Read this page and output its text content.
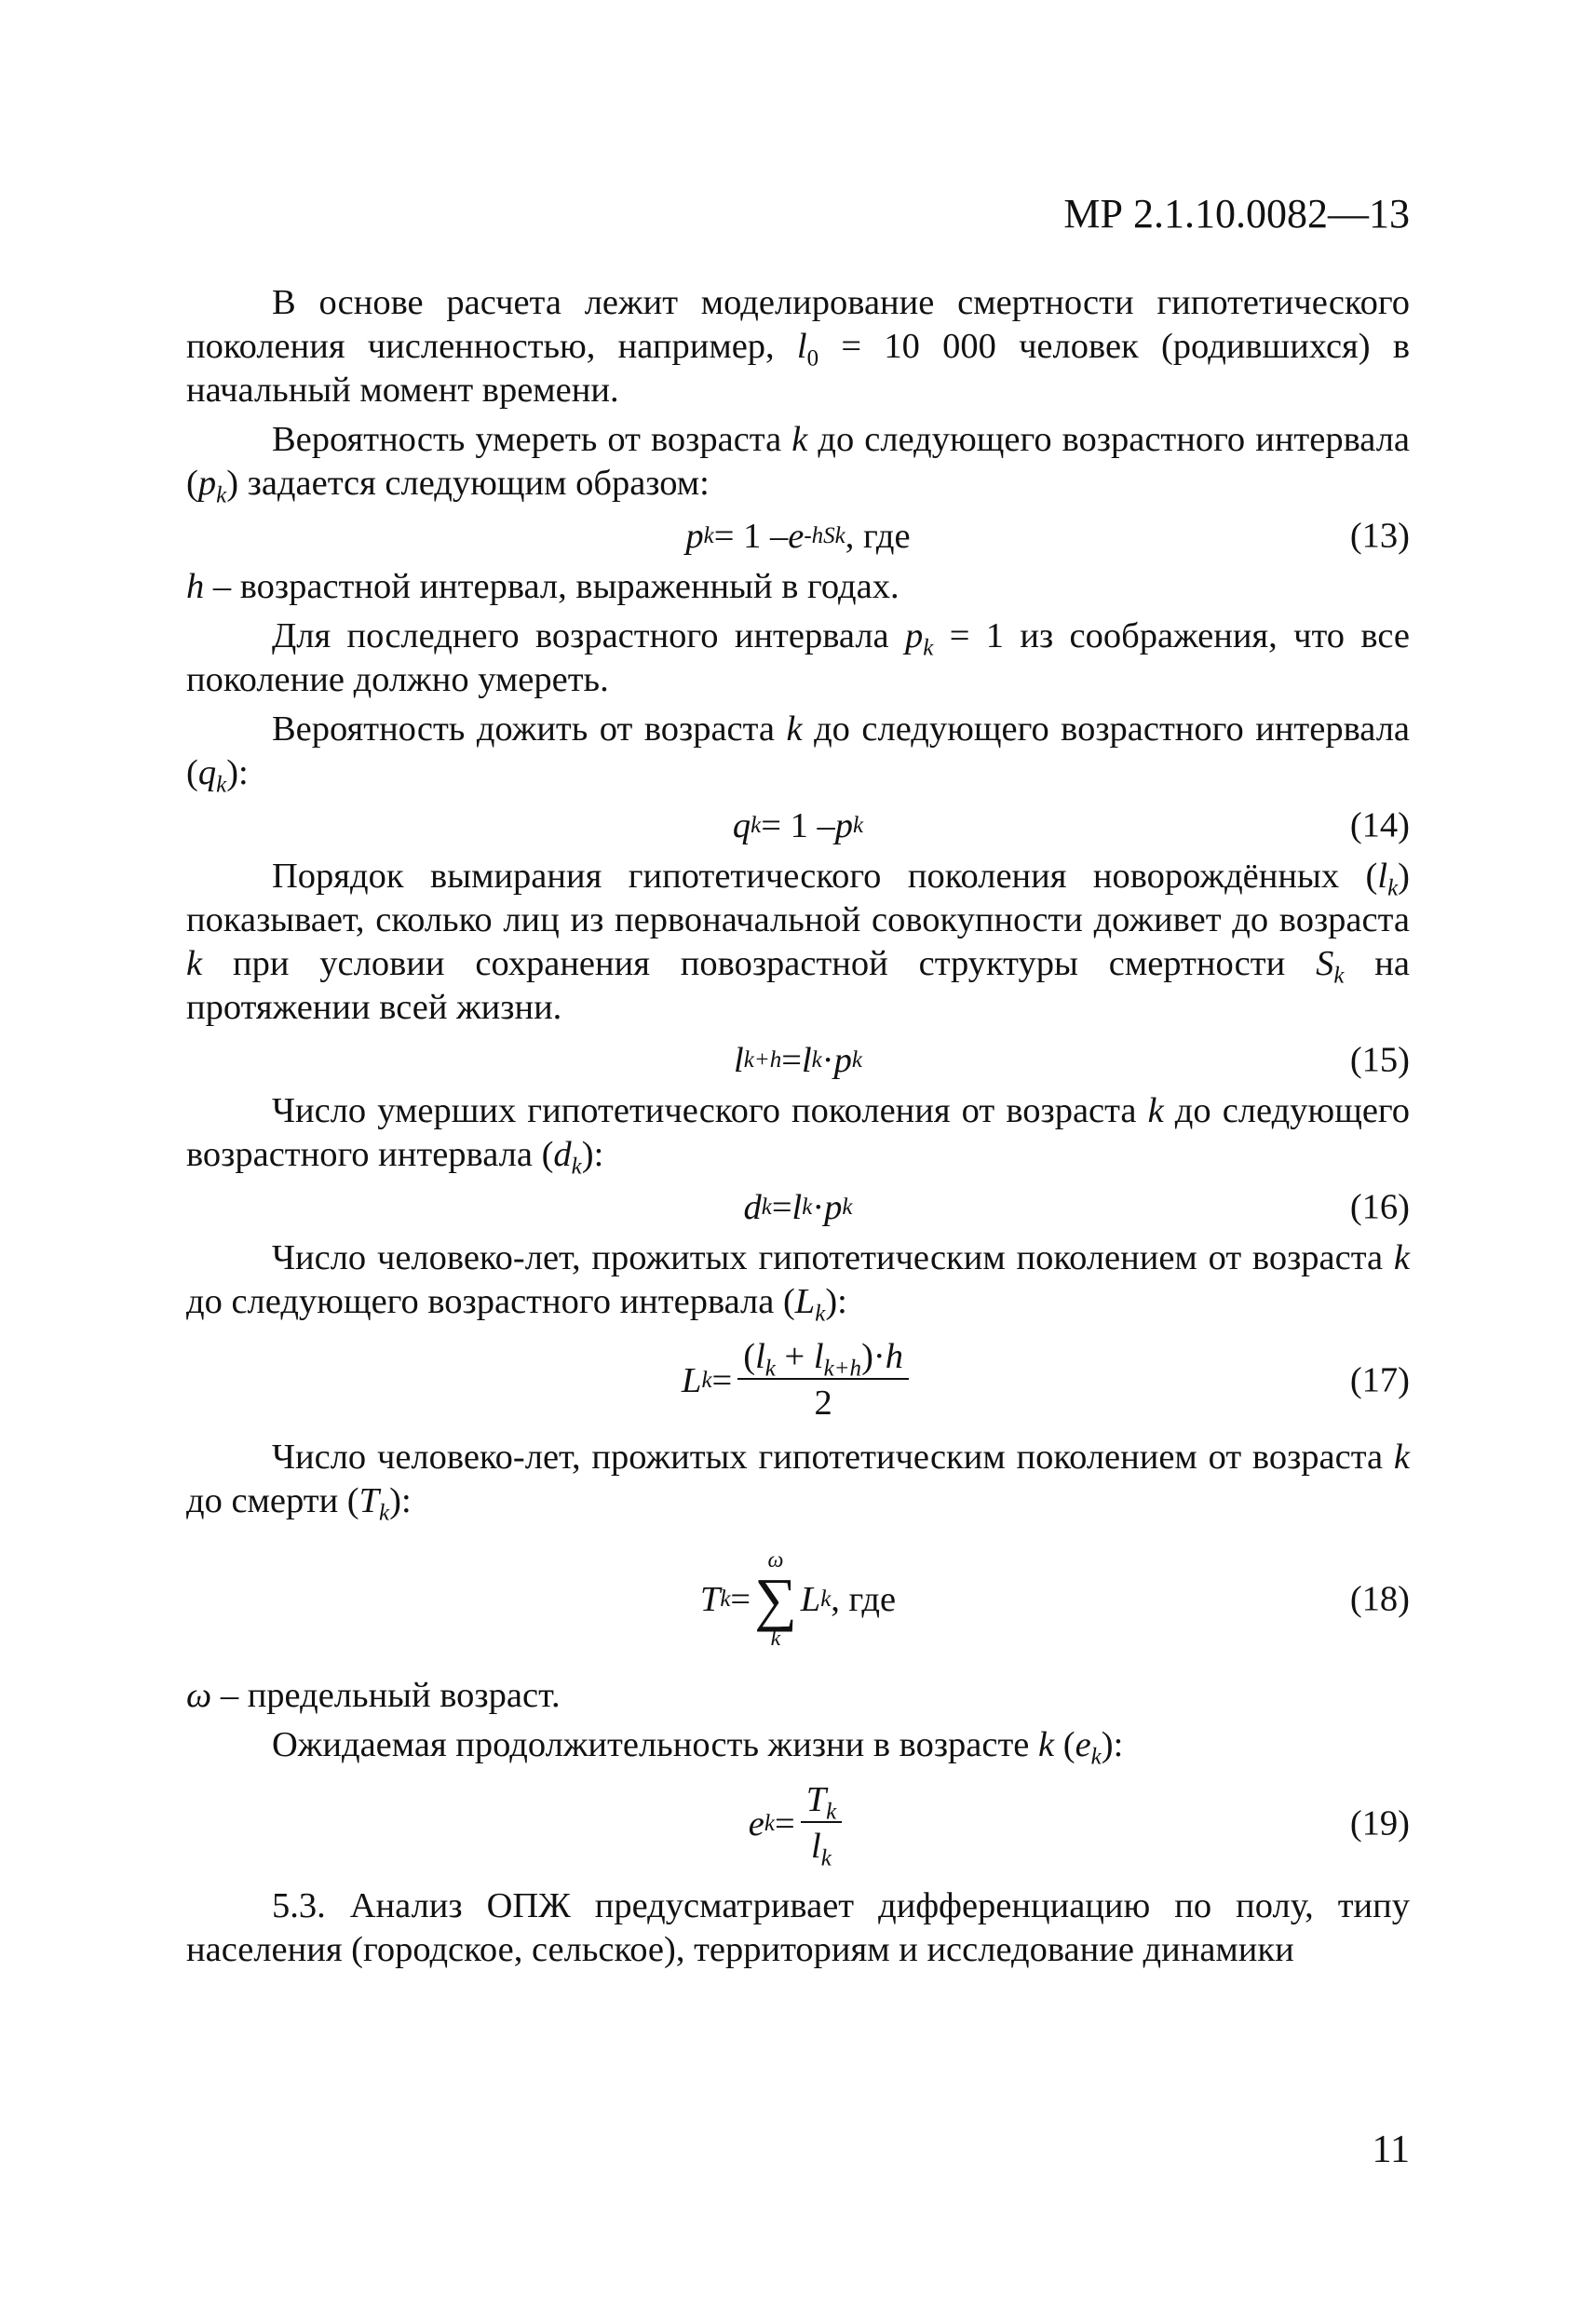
МР 2.1.10.0082—13

В основе расчета лежит моделирование смертности гипотетического поколения численностью, например, $l_0 = 10$ 000 человек (родившихся) в начальный момент времени.

Вероятность умереть от возраста k до следующего возрастного интервала $(p_k)$ задается следующим образом:

p k = 1 – e -hSk , где	(13)

h – возрастной интервал, выраженный в годах.

Для последнего возрастного интервала $p_k = 1$ из соображения, что все поколение должно умереть.

Вероятность дожить от возраста k до следующего возрастного интервала $(q_k)$:

q k = 1 – p k	(14)

Порядок вымирания гипотетического поколения новорождённых $(l_k)$ показывает, сколько лиц из первоначальной совокупности доживет до возраста k при условии сохранения повозрастной структуры смертности $S_k$ на протяжении всей жизни.

l k+h = l k · p k	(15)

Число умерших гипотетического поколения от возраста k до следующего возрастного интервала $(d_k)$:

d k = l k · p k	(16)

Число человеко-лет, прожитых гипотетическим поколением от возраста k до следующего возрастного интервала $(L_k)$:

L $k = \frac{(l_k + l_{k+h})\cdot h}{2}$	(17)

Число человеко-лет, прожитых гипотетическим поколением от возраста k до смерти $(T_k)$:

T k =
ω
∑
k
L k , где	(18)

ω – предельный возраст.

Ожидаемая продолжительность жизни в возрасте k $(e_k)$:

e $k = \frac{T_k}{l_k}$	(19)

5.3. Анализ ОПЖ предусматривает дифференциацию по полу, типу населения (городское, сельское), территориям и исследование динамики

11
